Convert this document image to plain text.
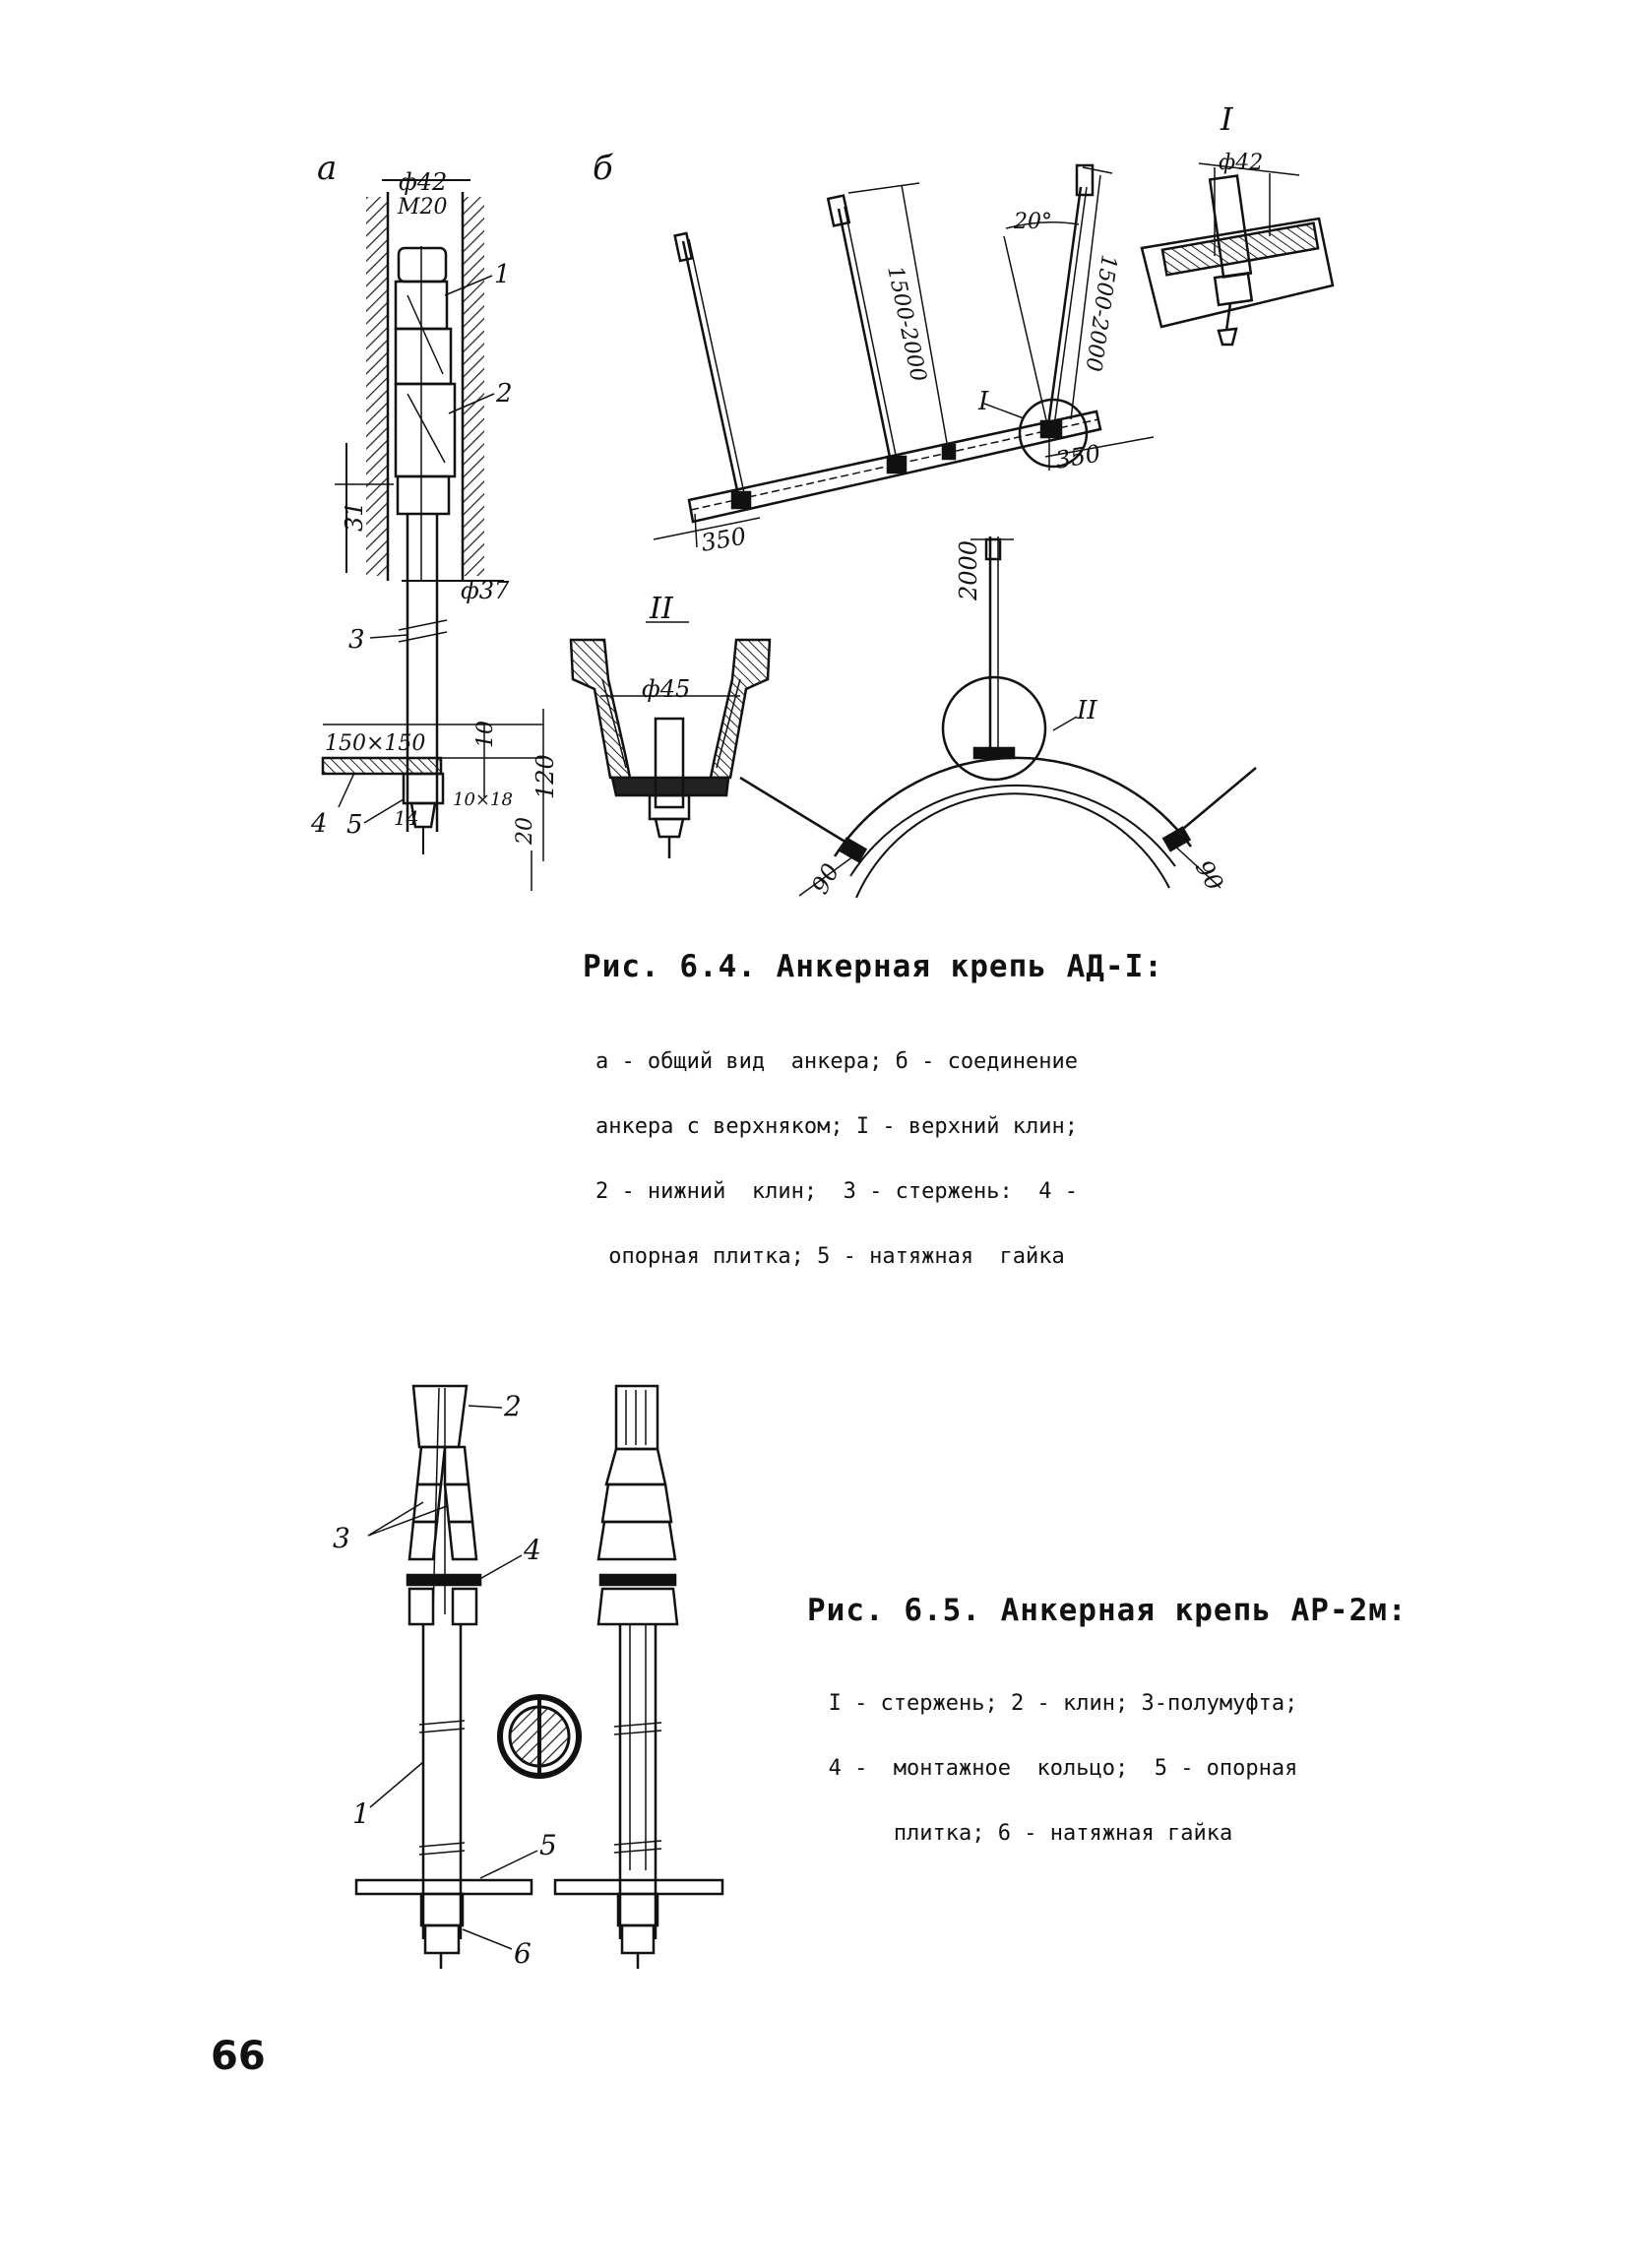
а	ф42
М20
31
ф37
150×150 10
120
20
10×18
14
1
2
3
4 5
б
I
1500-2000	1500-2000
20°
350
350
I
ф42
II
ф45
2000
II
90	90
2
3	4
1
5
6
Рис. 6.4. Анкерная крепь АД-I:

а - общий вид  анкера; б - соединение

анкера с верхняком; I - верхний клин;

2 - нижний  клин;  3 - стержень:  4 -

опорная плитка; 5 - натяжная  гайка

Рис. 6.5. Анкерная крепь АР-2м:

I - стержень; 2 - клин; 3-полумуфта;

4 -  монтажное  кольцо;  5 - опорная

плитка; 6 - натяжная гайка

66
